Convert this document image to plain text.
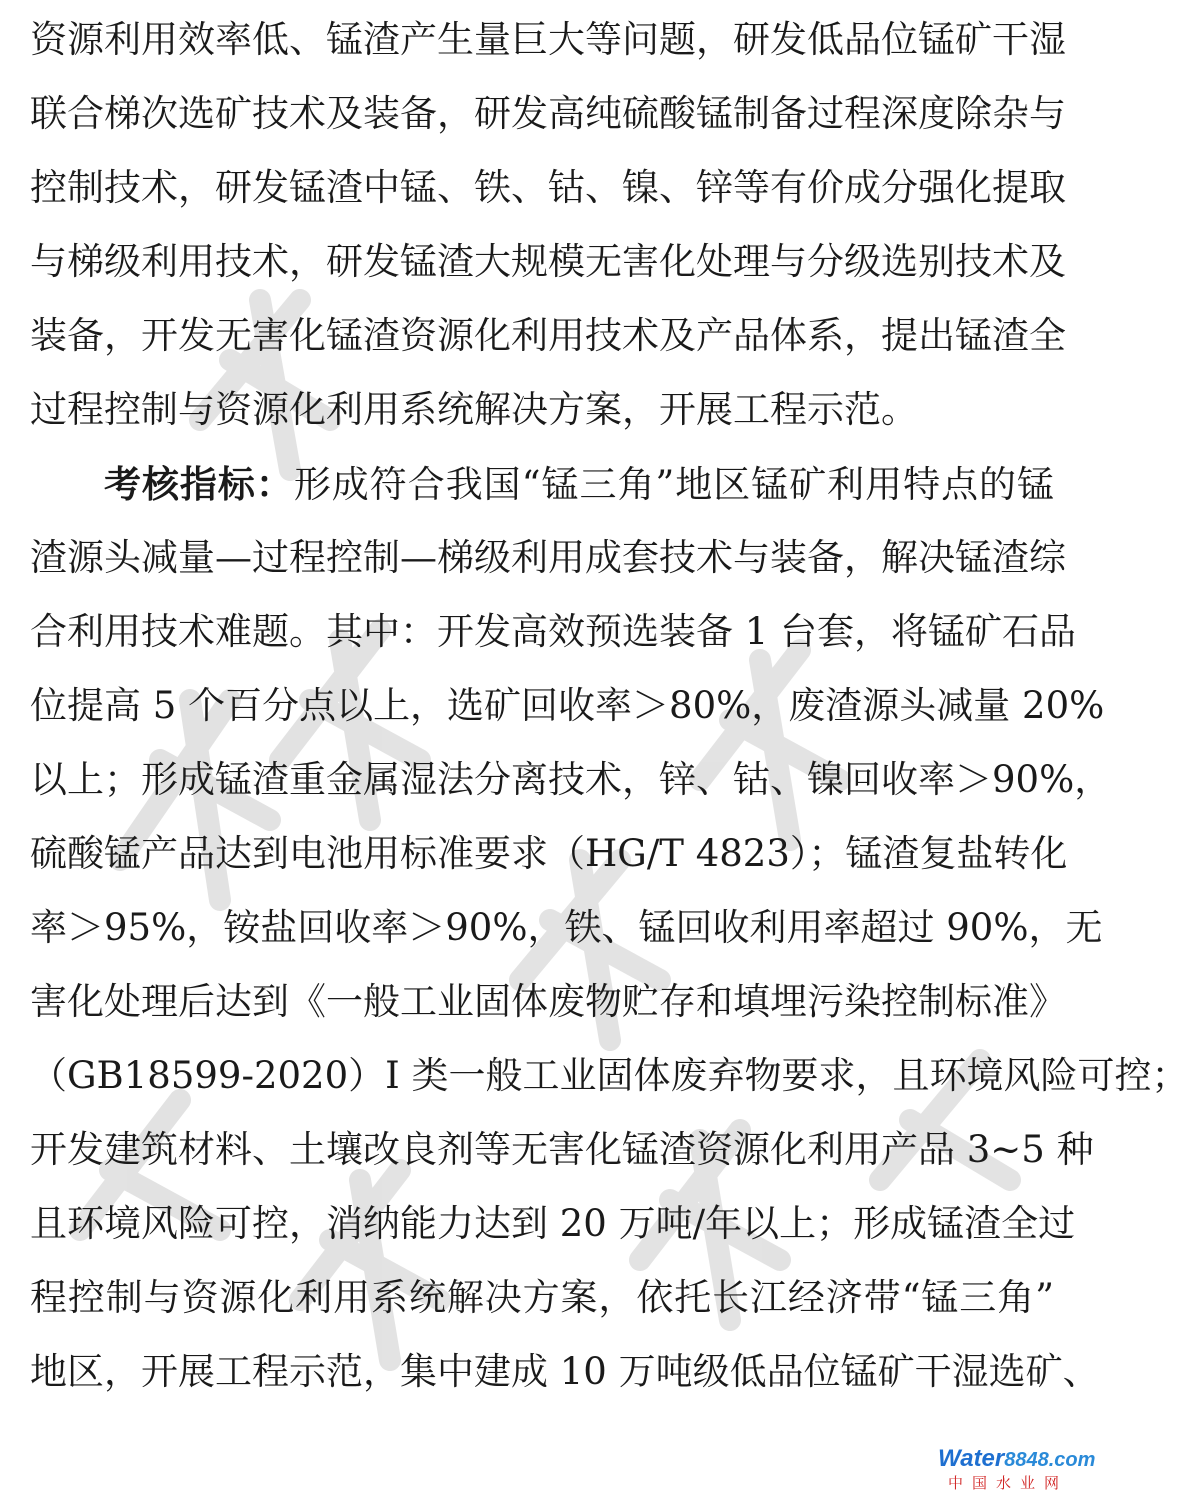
资源利用效率低、锰渣产生量巨大等问题，研发低品位锰矿干湿
联合梯次选矿技术及装备，研发高纯硫酸锰制备过程深度除杂与
控制技术，研发锰渣中锰、铁、钴、镍、锌等有价成分强化提取
与梯级利用技术，研发锰渣大规模无害化处理与分级选别技术及
装备，开发无害化锰渣资源化利用技术及产品体系，提出锰渣全
过程控制与资源化利用系统解决方案，开展工程示范。
考核指标：形成符合我国“锰三角”地区锰矿利用特点的锰
渣源头减量—过程控制—梯级利用成套技术与装备，解决锰渣综
合利用技术难题。其中：开发高效预选装备 1 台套，将锰矿石品
位提高 5 个百分点以上，选矿回收率＞80%，废渣源头减量 20%
以上；形成锰渣重金属湿法分离技术，锌、钴、镍回收率＞90%，
硫酸锰产品达到电池用标准要求（HG/T 4823）；锰渣复盐转化
率＞95%，铵盐回收率＞90%，铁、锰回收利用率超过 90%，无
害化处理后达到《一般工业固体废物贮存和填埋污染控制标准》
（GB18599-2020）I 类一般工业固体废弃物要求，且环境风险可控；
开发建筑材料、土壤改良剂等无害化锰渣资源化利用产品 3~5 种
且环境风险可控，消纳能力达到 20 万吨/年以上；形成锰渣全过
程控制与资源化利用系统解决方案，依托长江经济带“锰三角”
地区，开展工程示范，集中建成 10 万吨级低品位锰矿干湿选矿、
Water8848.com
中国水业网
